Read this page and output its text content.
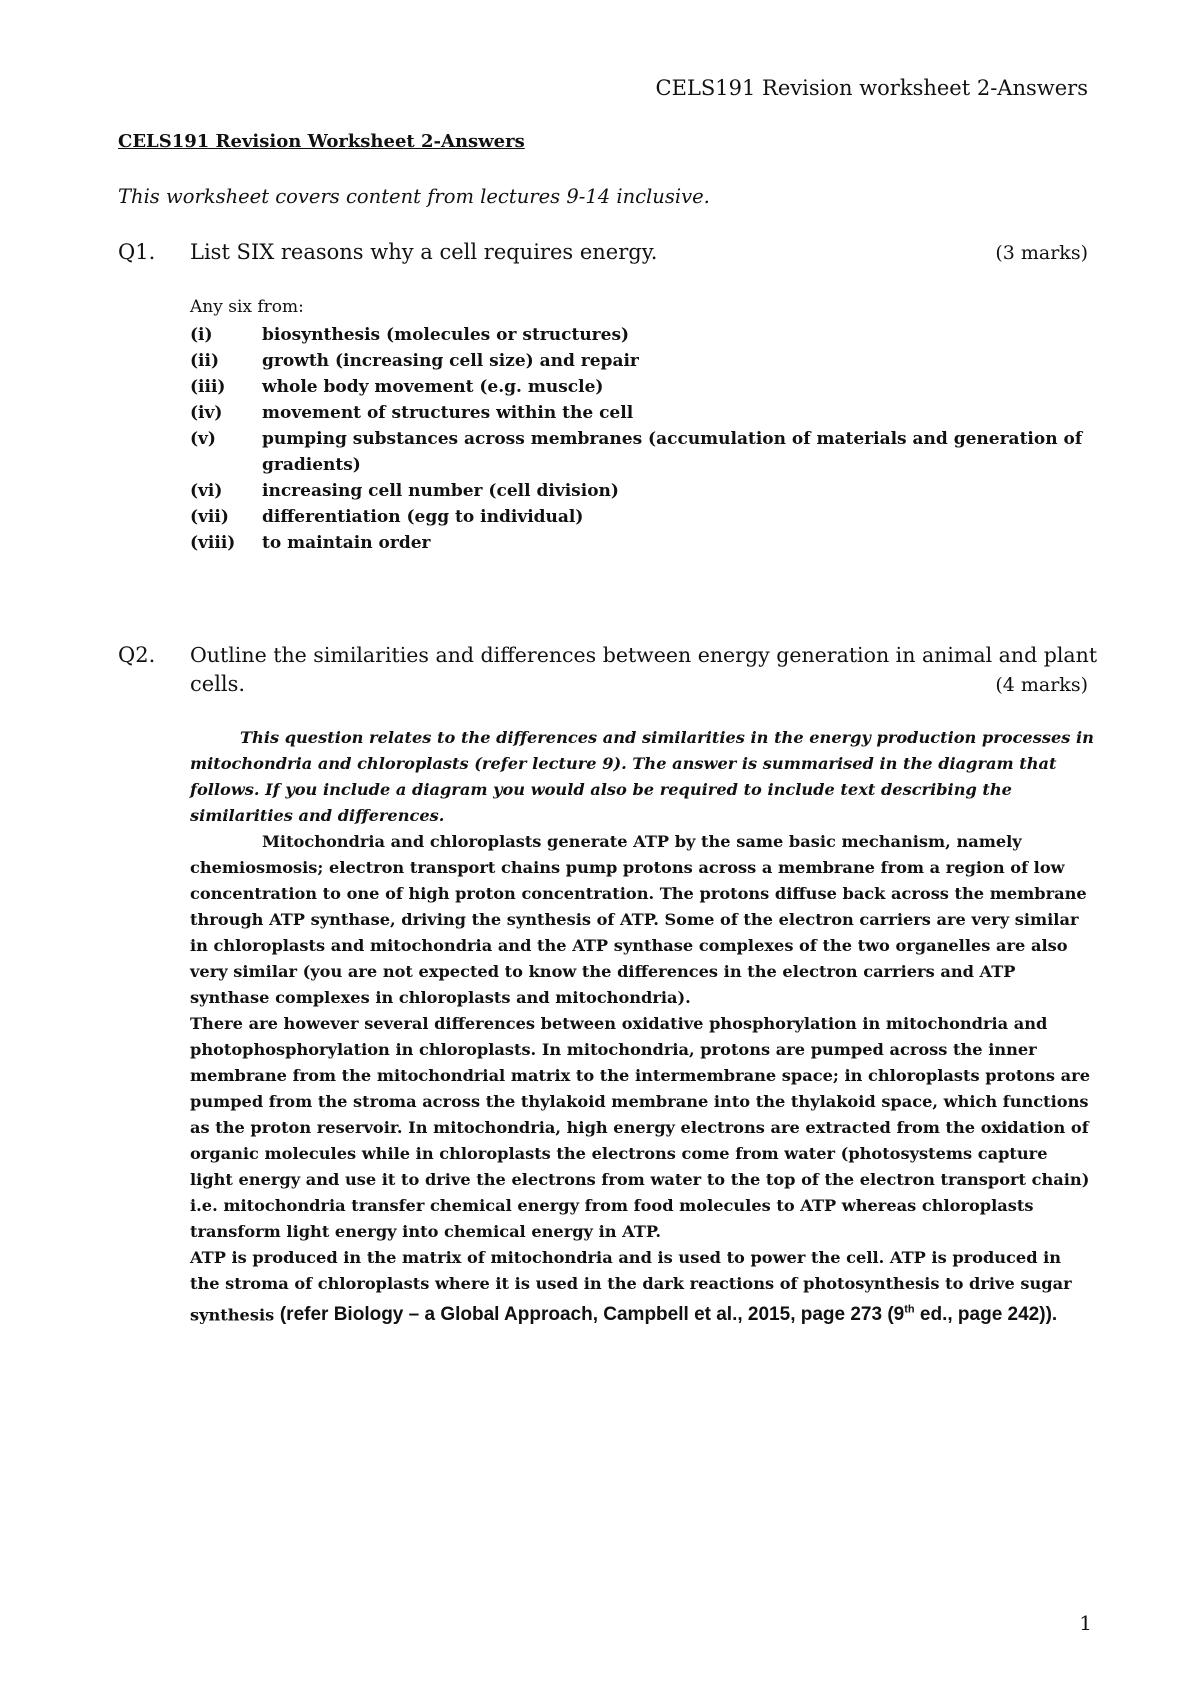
CELS191 Revision worksheet 2-Answers
CELS191 Revision Worksheet 2-Answers
This worksheet covers content from lectures 9-14 inclusive.
Q1. List SIX reasons why a cell requires energy.	(3 marks)
Any six from:
(i)	biosynthesis (molecules or structures)
(ii)	growth (increasing cell size) and repair
(iii)	whole body movement (e.g. muscle)
(iv)	movement of structures within the cell
(v)	pumping substances across membranes (accumulation of materials and generation of gradients)
(vi)	increasing cell number (cell division)
(vii)	differentiation (egg to individual)
(viii)	to maintain order
Q2. Outline the similarities and differences between energy generation in animal and plant
cells.	(4 marks)

This question relates to the differences and similarities in the energy production processes in mitochondria and chloroplasts (refer lecture 9). The answer is summarised in the diagram that follows. If you include a diagram you would also be required to include text describing the similarities and differences.

Mitochondria and chloroplasts generate ATP by the same basic mechanism, namely chemiosmosis; electron transport chains pump protons across a membrane from a region of low concentration to one of high proton concentration. The protons diffuse back across the membrane through ATP synthase, driving the synthesis of ATP. Some of the electron carriers are very similar in chloroplasts and mitochondria and the ATP synthase complexes of the two organelles are also very similar (you are not expected to know the differences in the electron carriers and ATP synthase complexes in chloroplasts and mitochondria).

There are however several differences between oxidative phosphorylation in mitochondria and photophosphorylation in chloroplasts. In mitochondria, protons are pumped across the inner membrane from the mitochondrial matrix to the intermembrane space; in chloroplasts protons are pumped from the stroma across the thylakoid membrane into the thylakoid space, which functions as the proton reservoir. In mitochondria, high energy electrons are extracted from the oxidation of organic molecules while in chloroplasts the electrons come from water (photosystems capture light energy and use it to drive the electrons from water to the top of the electron transport chain) i.e. mitochondria transfer chemical energy from food molecules to ATP whereas chloroplasts transform light energy into chemical energy in ATP.

ATP is produced in the matrix of mitochondria and is used to power the cell. ATP is produced in the stroma of chloroplasts where it is used in the dark reactions of photosynthesis to drive sugar synthesis (refer Biology – a Global Approach, Campbell et al., 2015, page 273 (9th ed., page 242)).

1
